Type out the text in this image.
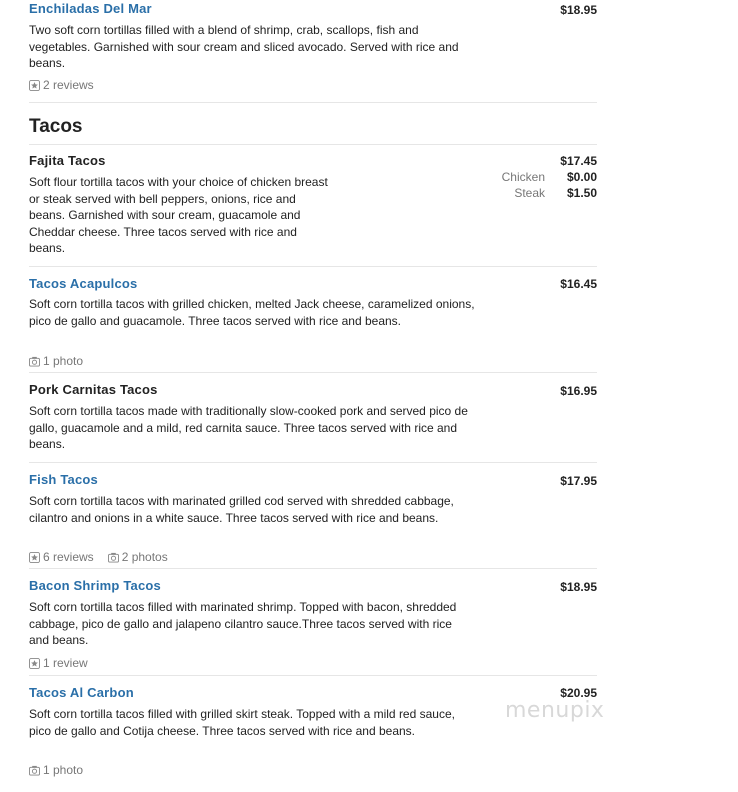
Enchiladas Del Mar	$18.95
Two soft corn tortillas filled with a blend of shrimp, crab, scallops, fish and vegetables. Garnished with sour cream and sliced avocado. Served with rice and beans.
2 reviews
Tacos
Fajita Tacos	$17.45
Soft flour tortilla tacos with your choice of chicken breast or steak served with bell peppers, onions, rice and beans. Garnished with sour cream, guacamole and Cheddar cheese. Three tacos served with rice and beans.
Chicken	$0.00
Steak	$1.50
Tacos Acapulcos	$16.45
Soft corn tortilla tacos with grilled chicken, melted Jack cheese, caramelized onions, pico de gallo and guacamole. Three tacos served with rice and beans.
1 photo
Pork Carnitas Tacos	$16.95
Soft corn tortilla tacos made with traditionally slow-cooked pork and served pico de gallo, guacamole and a mild, red carnita sauce. Three tacos served with rice and beans.
Fish Tacos	$17.95
Soft corn tortilla tacos with marinated grilled cod served with shredded cabbage, cilantro and onions in a white sauce. Three tacos served with rice and beans.
6 reviews 2 photos
Bacon Shrimp Tacos	$18.95
Soft corn tortilla tacos filled with marinated shrimp. Topped with bacon, shredded cabbage, pico de gallo and jalapeno cilantro sauce.Three tacos served with rice and beans.
1 review
Tacos Al Carbon	$20.95
Soft corn tortilla tacos filled with grilled skirt steak. Topped with a mild red sauce, pico de gallo and Cotija cheese. Three tacos served with rice and beans.
1 photo
menupix
